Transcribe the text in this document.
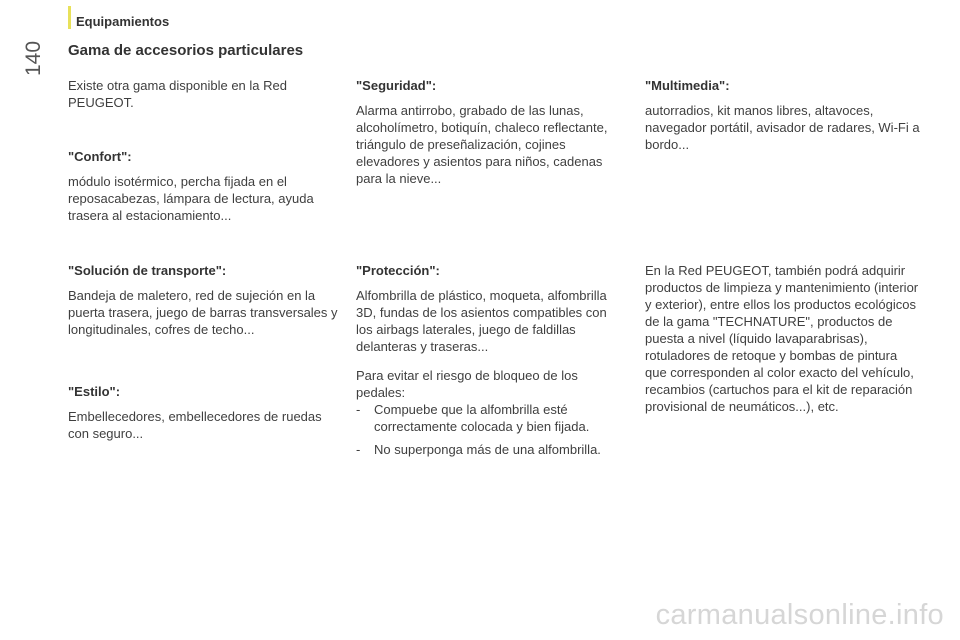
Equipamientos
140 Gama de accesorios particulares

Existe otra gama disponible en la Red PEUGEOT.

"Confort":

módulo isotérmico, percha fijada en el reposacabezas, lámpara de lectura, ayuda trasera al estacionamiento...

"Solución de transporte":

Bandeja de maletero, red de sujeción en la puerta trasera, juego de barras transversales y longitudinales, cofres de techo...

"Estilo":

Embellecedores, embellecedores de ruedas con seguro...

"Seguridad":

Alarma antirrobo, grabado de las lunas, alcoholímetro, botiquín, chaleco reflectante, triángulo de preseñalización, cojines elevadores y asientos para niños, cadenas para la nieve...

"Protección":

Alfombrilla de plástico, moqueta, alfombrilla 3D, fundas de los asientos compatibles con los airbags laterales, juego de faldillas delanteras y traseras...

Para evitar el riesgo de bloqueo de los pedales:

- Compuebe que la alfombrilla esté correctamente colocada y bien fijada.

- No superponga más de una alfombrilla.

"Multimedia":

autorradios, kit manos libres, altavoces, navegador portátil, avisador de radares, Wi-Fi a bordo...

En la Red PEUGEOT, también podrá adquirir productos de limpieza y mantenimiento (interior y exterior), entre ellos los productos ecológicos de la gama "TECHNATURE", productos de puesta a nivel (líquido lavaparabrisas), rotuladores de retoque y bombas de pintura que corresponden al color exacto del vehículo, recambios (cartuchos para el kit de reparación provisional de neumáticos...), etc.

carmanualsonline.info
